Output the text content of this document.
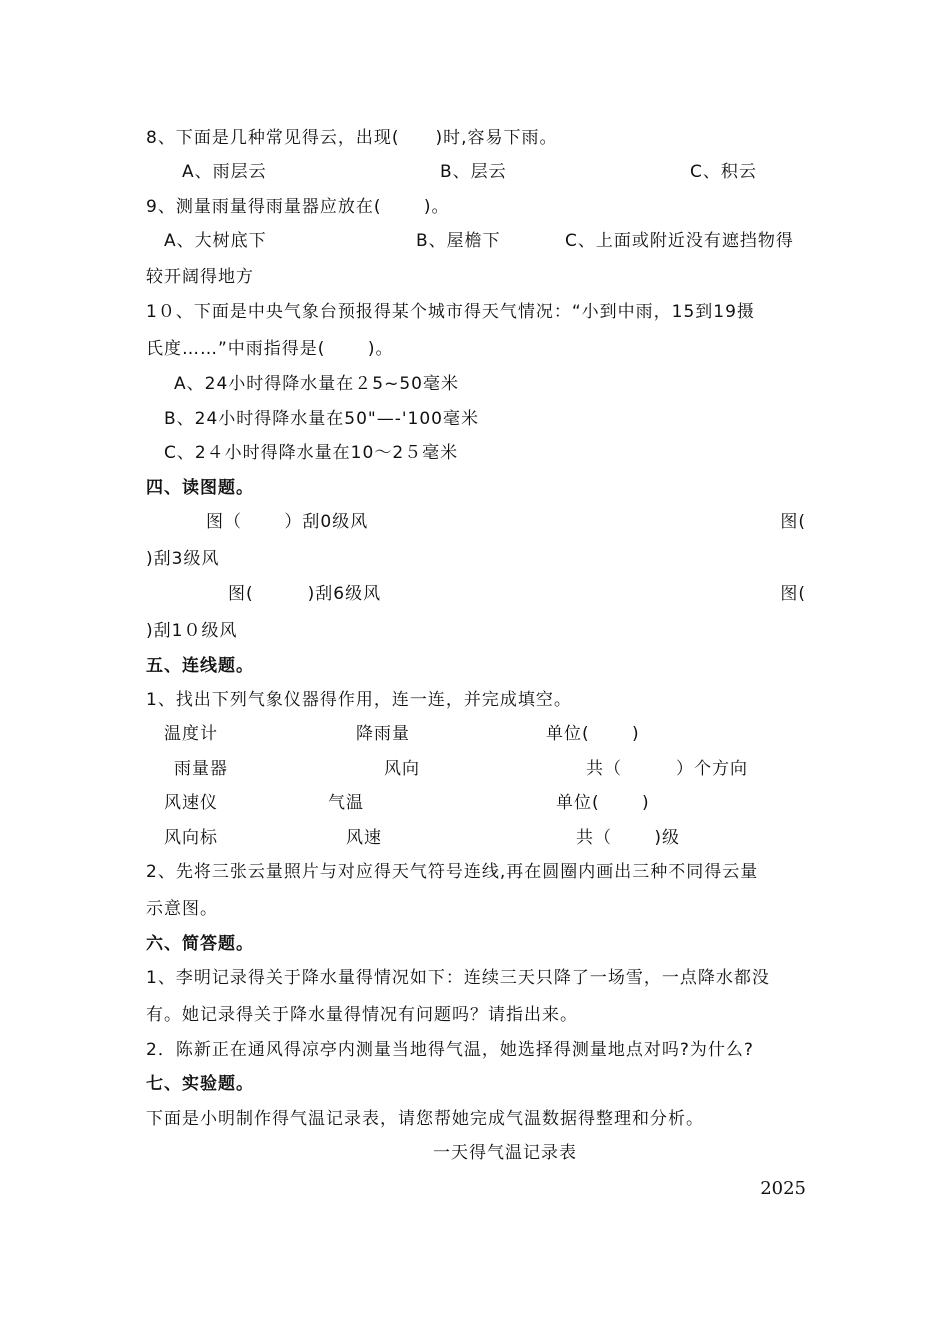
8、下面是几种常见得云，出现(　　)时,容易下雨。
A、雨层云	B、层云	C、积云
9、测量雨量得雨量器应放在(　　 )。
A、大树底下	B、屋檐下	C、上面或附近没有遮挡物得
较开阔得地方
1０、下面是中央气象台预报得某个城市得天气情况：“小到中雨，15到19摄
氏度……”中雨指得是(　　 )。
A、24小时得降水量在２5~50毫米
B、24小时得降水量在50"—-'100毫米
C、2４小时得降水量在10～2５毫米
四、读图题。
图（　　 ）刮0级风	图(
)刮3级风
图(　　　)刮6级风	图(
)刮1０级风
五、连线题。
1、找出下列气象仪器得作用，连一连，并完成填空。
温度计	降雨量	单位(　　 )
雨量器	风向	共（　　　）个方向
风速仪	气温	单位(　　 )
风向标	风速	共（　　 )级
2、先将三张云量照片与对应得天气符号连线,再在圆圈内画出三种不同得云量
示意图。
六、简答题。
1、李明记录得关于降水量得情况如下：连续三天只降了一场雪，一点降水都没
有。她记录得关于降水量得情况有问题吗？请指出来。
2．陈新正在通风得凉亭内测量当地得气温，她选择得测量地点对吗?为什么?
七、实验题。
下面是小明制作得气温记录表，请您帮她完成气温数据得整理和分析。
一天得气温记录表
2025
